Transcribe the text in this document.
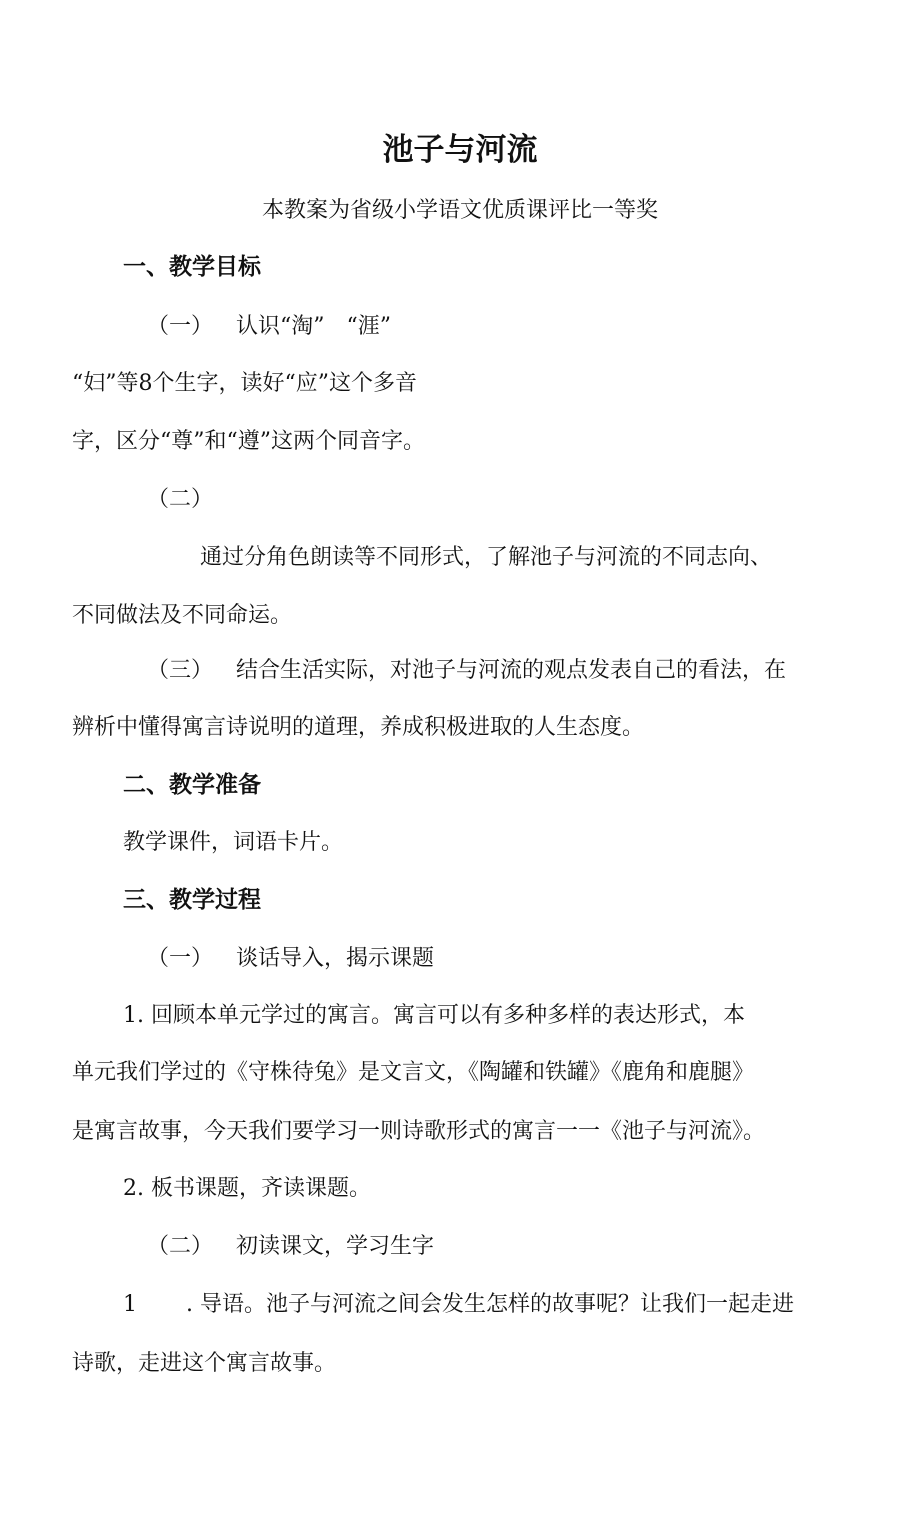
池子与河流
本教案为省级小学语文优质课评比一等奖
一、教学目标
（一） 认识“淘”　“涯”
“妇”等8个生字，读好“应”这个多音
字，区分“尊”和“遵”这两个同音字。
（二）
通过分角色朗读等不同形式，了解池子与河流的不同志向、
不同做法及不同命运。
（三） 结合生活实际，对池子与河流的观点发表自己的看法，在
辨析中懂得寓言诗说明的道理，养成积极进取的人生态度。
二、教学准备
教学课件，词语卡片。
三、教学过程
（一） 谈话导入，揭示课题
1. 回顾本单元学过的寓言。寓言可以有多种多样的表达形式，本
单元我们学过的《守株待兔》是文言文，《陶罐和铁罐》《鹿角和鹿腿》
是寓言故事，今天我们要学习一则诗歌形式的寓言一一《池子与河流》。
2. 板书课题，齐读课题。
（二） 初读课文，学习生字
1 . 导语。池子与河流之间会发生怎样的故事呢？让我们一起走进
诗歌，走进这个寓言故事。
